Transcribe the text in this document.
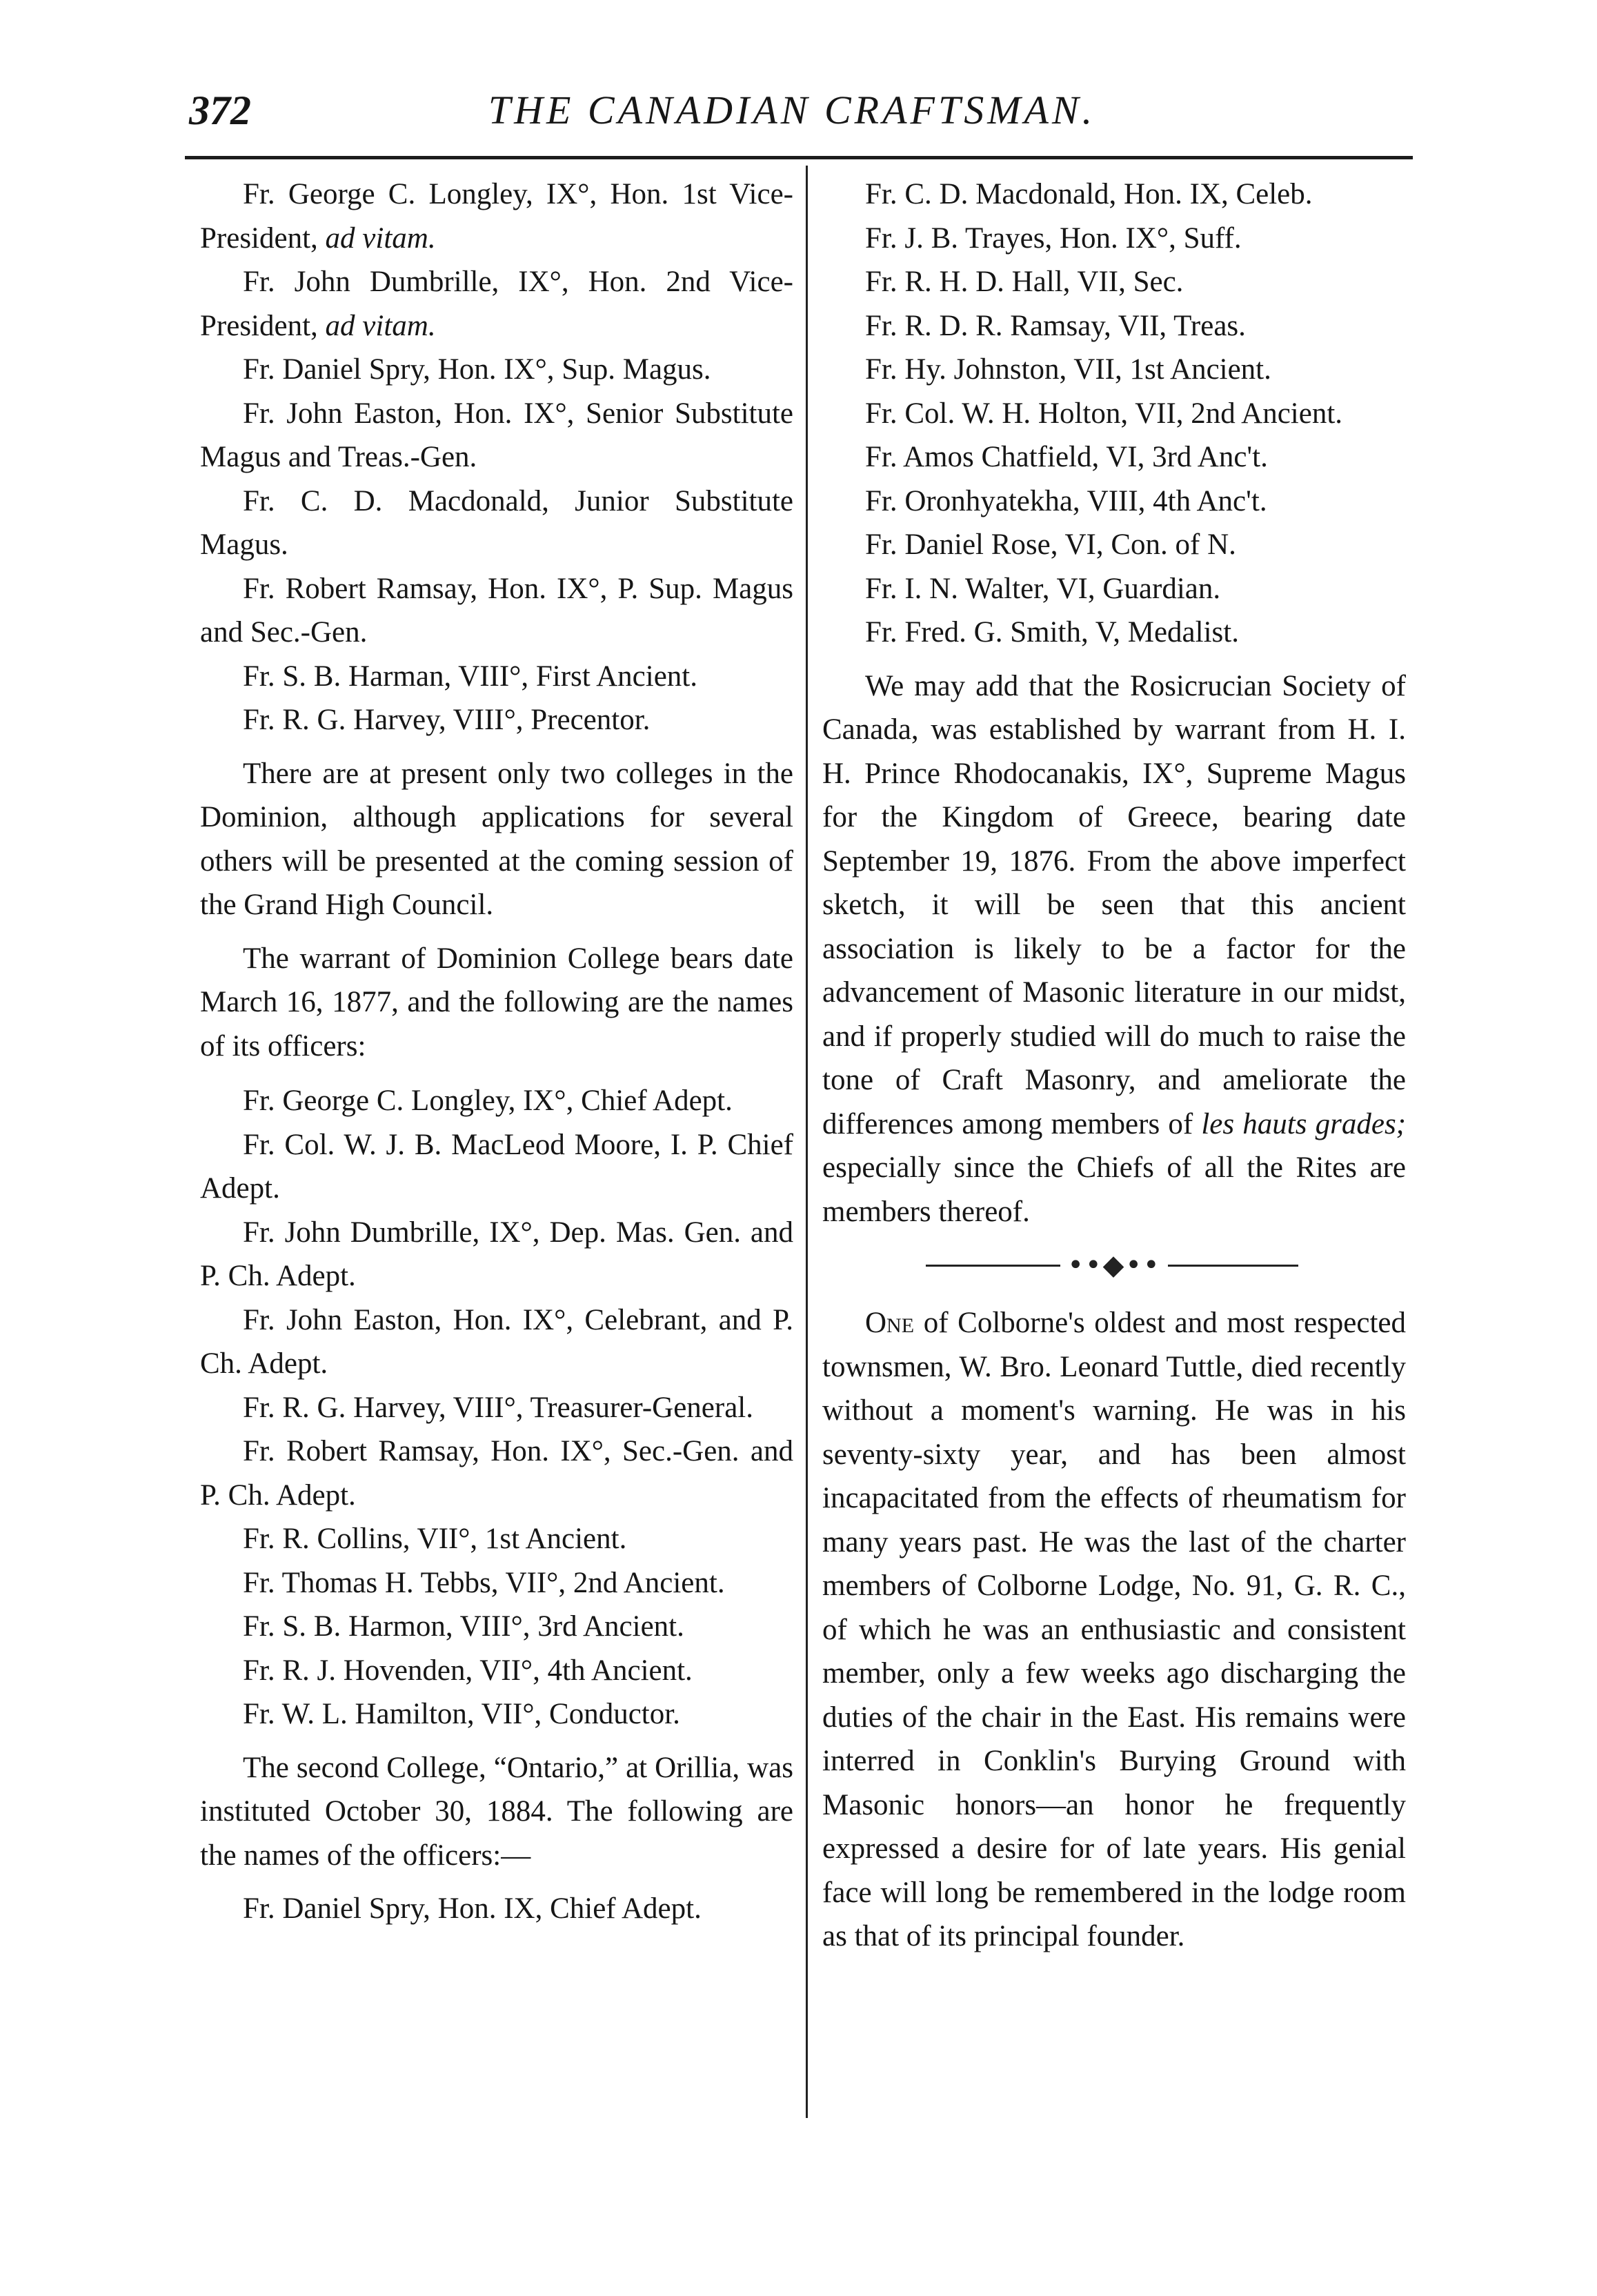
372	THE CANADIAN CRAFTSMAN.

Fr. George C. Longley, IX°, Hon. 1st Vice-President, ad vitam.

Fr. John Dumbrille, IX°, Hon. 2nd Vice-President, ad vitam.

Fr. Daniel Spry, Hon. IX°, Sup. Magus.

Fr. John Easton, Hon. IX°, Senior Substitute Magus and Treas.-Gen.

Fr. C. D. Macdonald, Junior Substitute Magus.

Fr. Robert Ramsay, Hon. IX°, P. Sup. Magus and Sec.-Gen.

Fr. S. B. Harman, VIII°, First Ancient.

Fr. R. G. Harvey, VIII°, Precentor.

There are at present only two colleges in the Dominion, although applications for several others will be presented at the coming session of the Grand High Council.

The warrant of Dominion College bears date March 16, 1877, and the following are the names of its officers:

Fr. George C. Longley, IX°, Chief Adept.

Fr. Col. W. J. B. MacLeod Moore, I. P. Chief Adept.

Fr. John Dumbrille, IX°, Dep. Mas. Gen. and P. Ch. Adept.

Fr. John Easton, Hon. IX°, Celebrant, and P. Ch. Adept.

Fr. R. G. Harvey, VIII°, Treasurer-General.

Fr. Robert Ramsay, Hon. IX°, Sec.-Gen. and P. Ch. Adept.

Fr. R. Collins, VII°, 1st Ancient.

Fr. Thomas H. Tebbs, VII°, 2nd Ancient.

Fr. S. B. Harmon, VIII°, 3rd Ancient.

Fr. R. J. Hovenden, VII°, 4th Ancient.

Fr. W. L. Hamilton, VII°, Conductor.

The second College, “Ontario,” at Orillia, was instituted October 30, 1884. The following are the names of the officers:—

Fr. Daniel Spry, Hon. IX, Chief Adept.

Fr. C. D. Macdonald, Hon. IX, Celeb.

Fr. J. B. Trayes, Hon. IX°, Suff.

Fr. R. H. D. Hall, VII, Sec.

Fr. R. D. R. Ramsay, VII, Treas.

Fr. Hy. Johnston, VII, 1st Ancient.

Fr. Col. W. H. Holton, VII, 2nd Ancient.

Fr. Amos Chatfield, VI, 3rd Anc't.

Fr. Oronhyatekha, VIII, 4th Anc't.

Fr. Daniel Rose, VI, Con. of N.

Fr. I. N. Walter, VI, Guardian.

Fr. Fred. G. Smith, V, Medalist.

We may add that the Rosicrucian Society of Canada, was established by warrant from H. I. H. Prince Rhodocanakis, IX°, Supreme Magus for the Kingdom of Greece, bearing date September 19, 1876. From the above imperfect sketch, it will be seen that this ancient association is likely to be a factor for the advancement of Masonic literature in our midst, and if properly studied will do much to raise the tone of Craft Masonry, and ameliorate the differences among members of les hauts grades; especially since the Chiefs of all the Rites are members thereof.

••◆••

One of Colborne's oldest and most respected townsmen, W. Bro. Leonard Tuttle, died recently without a moment's warning. He was in his seventy-sixty year, and has been almost incapacitated from the effects of rheumatism for many years past. He was the last of the charter members of Colborne Lodge, No. 91, G. R. C., of which he was an enthusiastic and consistent member, only a few weeks ago discharging the duties of the chair in the East. His remains were interred in Conklin's Burying Ground with Masonic honors—an honor he frequently expressed a desire for of late years. His genial face will long be remembered in the lodge room as that of its principal founder.
